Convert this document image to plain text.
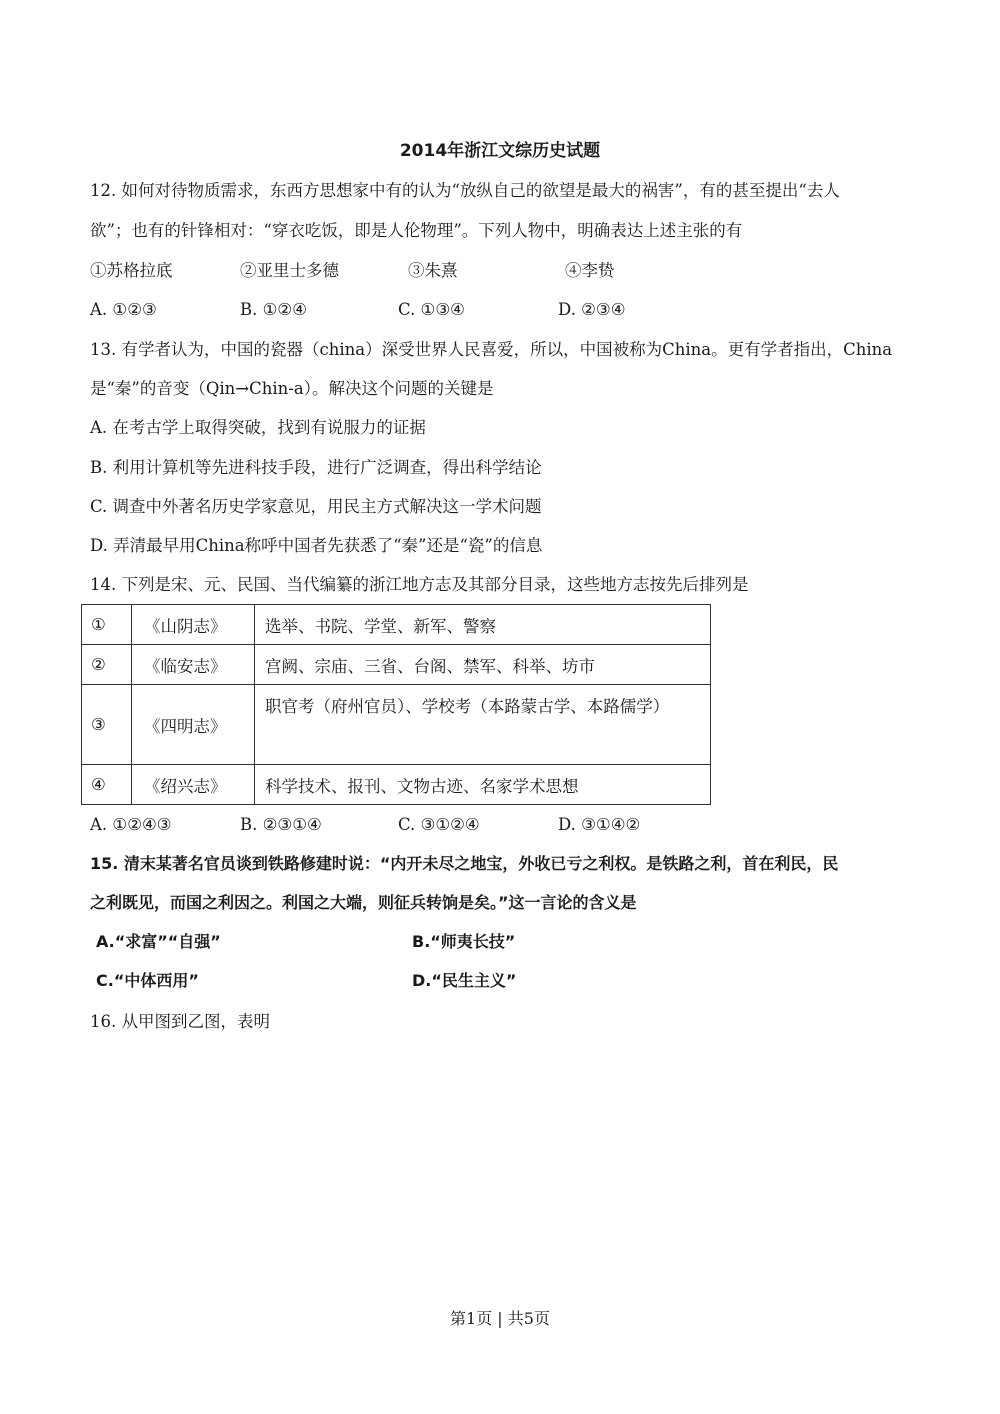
2014年浙江文综历史试题
12. 如何对待物质需求，东西方思想家中有的认为“放纵自己的欲望是最大的祸害”，有的甚至提出“去人
欲”；也有的针锋相对：“穿衣吃饭，即是人伦物理”。下列人物中，明确表达上述主张的有
①苏格拉底	②亚里士多德	③朱熹	④李贽
A. ①②③	B. ①②④	C. ①③④	D. ②③④
13. 有学者认为，中国的瓷器（china）深受世界人民喜爱，所以，中国被称为China。更有学者指出，China
是“秦”的音变（Qin→Chin-a）。解决这个问题的关键是
A. 在考古学上取得突破，找到有说服力的证据
B. 利用计算机等先进科技手段，进行广泛调查，得出科学结论
C. 调查中外著名历史学家意见，用民主方式解决这一学术问题
D. 弄清最早用China称呼中国者先获悉了“秦”还是“瓷”的信息
14. 下列是宋、元、民国、当代编纂的浙江地方志及其部分目录，这些地方志按先后排列是
①	《山阴志》	选举、书院、学堂、新军、警察
②	《临安志》	宫阙、宗庙、三省、台阁、禁军、科举、坊市
③	《四明志》	职官考（府州官员）、学校考（本路蒙古学、本路儒学）
④	《绍兴志》	科学技术、报刊、文物古迹、名家学术思想
A. ①②④③	B. ②③①④	C. ③①②④	D. ③①④②
15. 清末某著名官员谈到铁路修建时说：“内开未尽之地宝，外收已亏之利权。是铁路之利，首在利民，民
之利既见，而国之利因之。利国之大端，则征兵转饷是矣。”这一言论的含义是
A.“求富”“自强”	B.“师夷长技”
C.“中体西用”	D.“民生主义”
16. 从甲图到乙图，表明
第1页 | 共5页
